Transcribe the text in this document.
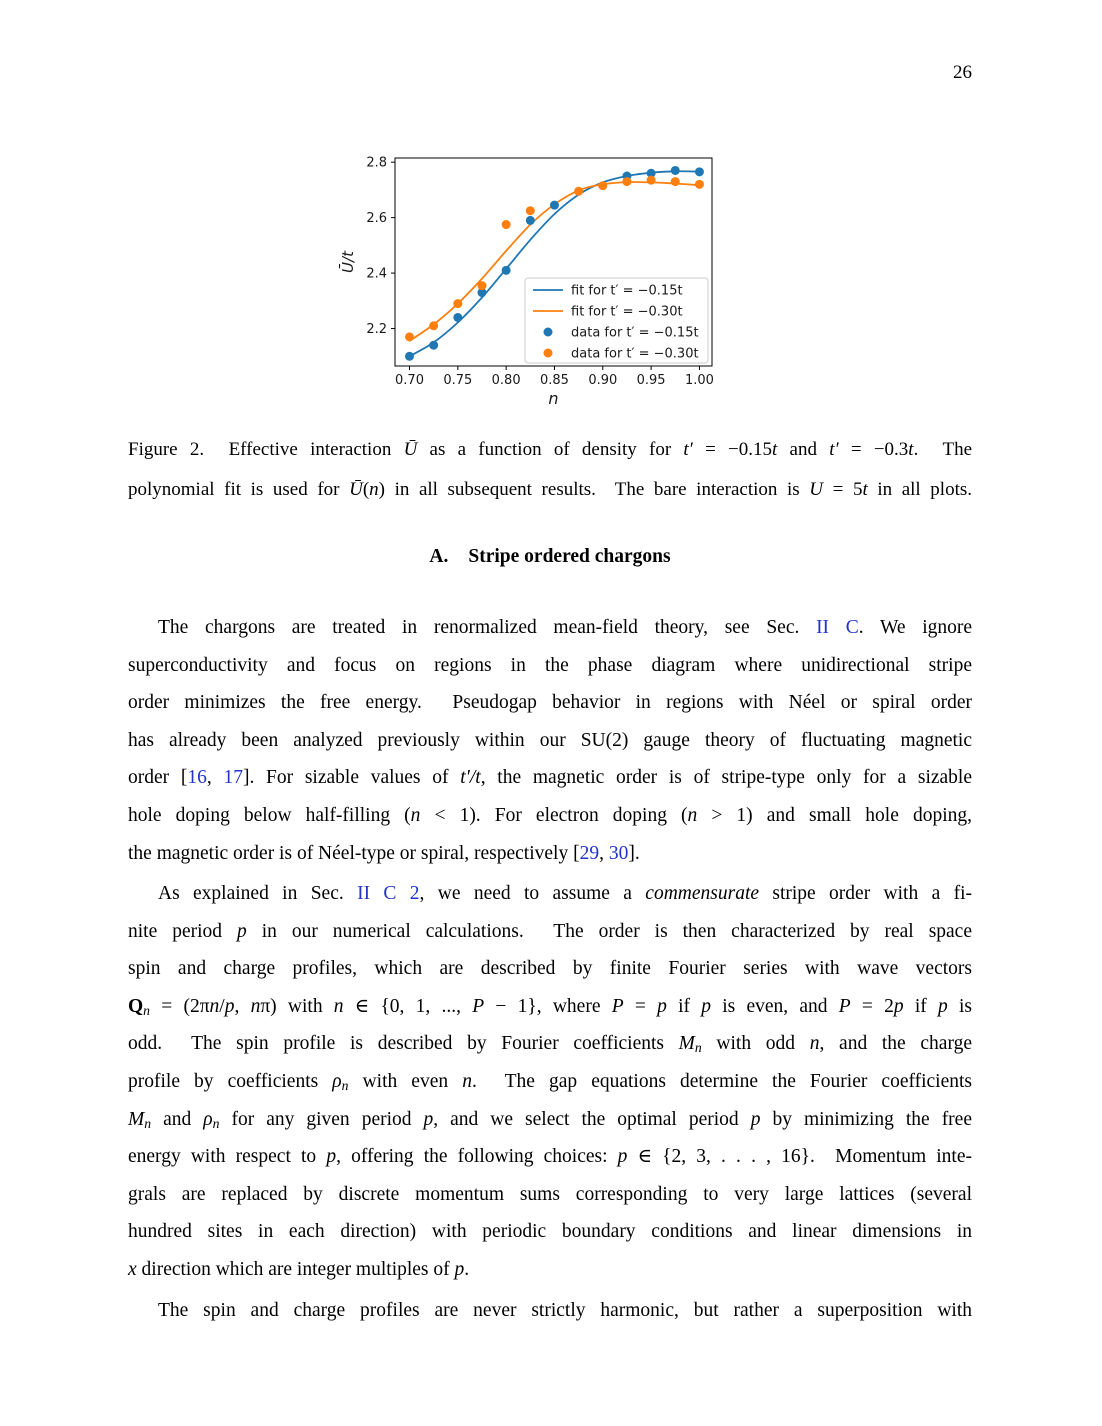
26
0.70 0.75 0.80 0.85 0.90 0.95 1.00
2.2
2.4
2.6
2.8
n
Ū/t
fit for t′ = −0.15t
fit for t′ = −0.30t
data for t′ = −0.15t
data for t′ = −0.30t
Figure 2.  Effective interaction Ū as a function of density for t′ = −0.15t and t′ = −0.3t.  The
polynomial fit is used for Ū(n) in all subsequent results.  The bare interaction is U = 5t in all plots.
A. Stripe ordered chargons
The chargons are treated in renormalized mean-field theory, see Sec. II C. We ignore
superconductivity and focus on regions in the phase diagram where unidirectional stripe
order minimizes the free energy.  Pseudogap behavior in regions with Néel or spiral order
has already been analyzed previously within our SU(2) gauge theory of fluctuating magnetic
order [16, 17]. For sizable values of t′/t, the magnetic order is of stripe-type only for a sizable
hole doping below half-filling (n < 1). For electron doping (n > 1) and small hole doping,
the magnetic order is of Néel-type or spiral, respectively [29, 30].
As explained in Sec. II C 2, we need to assume a commensurate stripe order with a fi-
nite period p in our numerical calculations.  The order is then characterized by real space
spin and charge profiles, which are described by finite Fourier series with wave vectors
Qn = (2πn/p, nπ) with n ∈ {0, 1, ..., P − 1}, where P = p if p is even, and P = 2p if p is
odd.  The spin profile is described by Fourier coefficients Mn with odd n, and the charge
profile by coefficients ρn with even n.  The gap equations determine the Fourier coefficients
Mn and ρn for any given period p, and we select the optimal period p by minimizing the free
energy with respect to p, offering the following choices: p ∈ {2, 3, . . . , 16}.  Momentum inte-
grals are replaced by discrete momentum sums corresponding to very large lattices (several
hundred sites in each direction) with periodic boundary conditions and linear dimensions in
x direction which are integer multiples of p.
The spin and charge profiles are never strictly harmonic, but rather a superposition with
